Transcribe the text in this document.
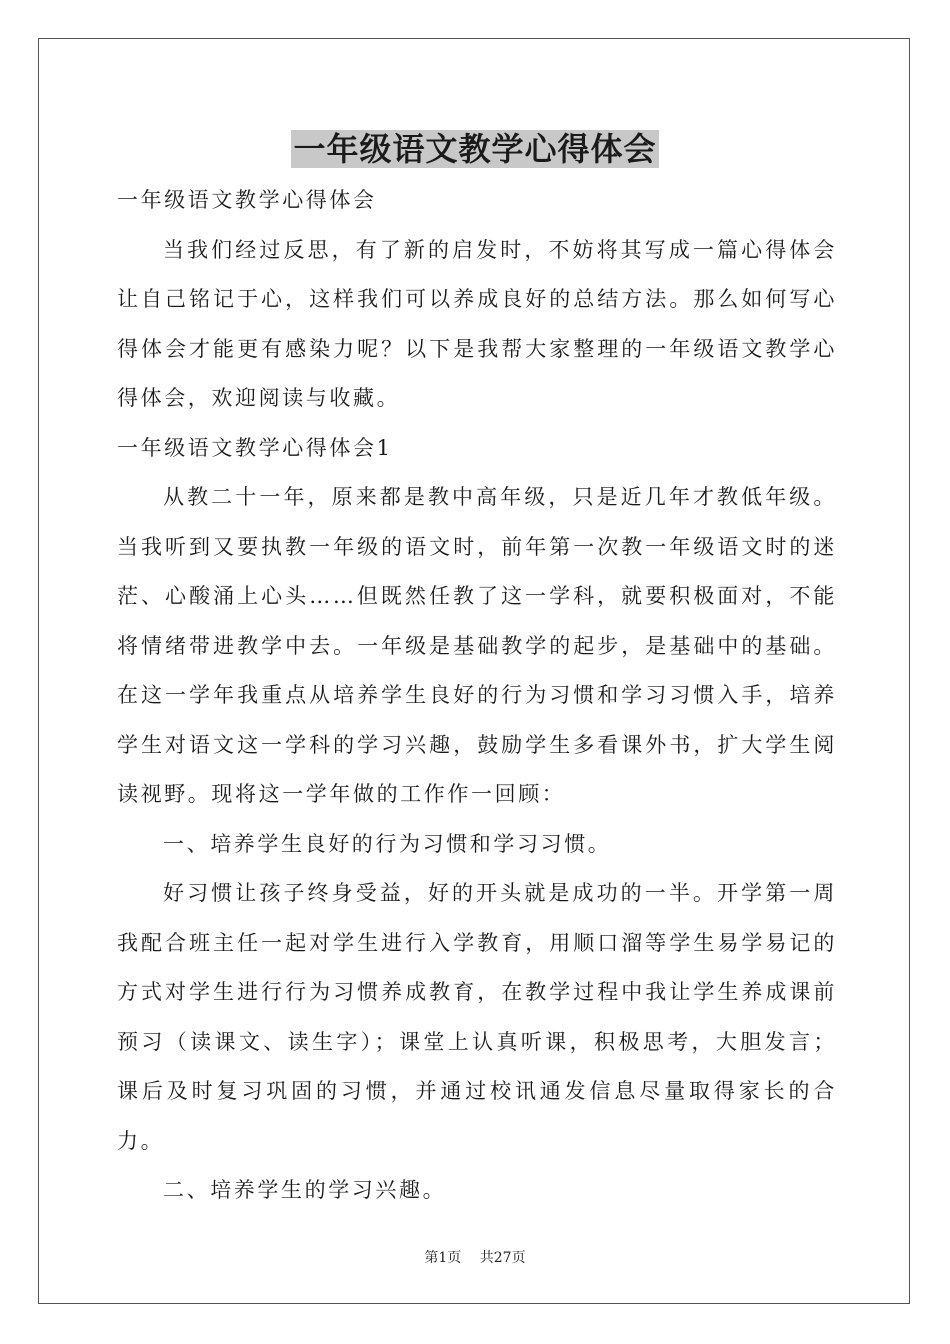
一年级语文教学心得体会

一年级语文教学心得体会

当我们经过反思，有了新的启发时，不妨将其写成一篇心得体会让自己铭记于心，这样我们可以养成良好的总结方法。那么如何写心得体会才能更有感染力呢？以下是我帮大家整理的一年级语文教学心得体会，欢迎阅读与收藏。

一年级语文教学心得体会1

从教二十一年，原来都是教中高年级，只是近几年才教低年级。当我听到又要执教一年级的语文时，前年第一次教一年级语文时的迷茫、心酸涌上心头……但既然任教了这一学科，就要积极面对，不能将情绪带进教学中去。一年级是基础教学的起步，是基础中的基础。在这一学年我重点从培养学生良好的行为习惯和学习习惯入手，培养学生对语文这一学科的学习兴趣，鼓励学生多看课外书，扩大学生阅读视野。现将这一学年做的工作作一回顾：

一、培养学生良好的行为习惯和学习习惯。

好习惯让孩子终身受益，好的开头就是成功的一半。开学第一周我配合班主任一起对学生进行入学教育，用顺口溜等学生易学易记的方式对学生进行行为习惯养成教育，在教学过程中我让学生养成课前预习（读课文、读生字）；课堂上认真听课，积极思考，大胆发言；课后及时复习巩固的习惯，并通过校讯通发信息尽量取得家长的合力。

二、培养学生的学习兴趣。

第1页 共27页
